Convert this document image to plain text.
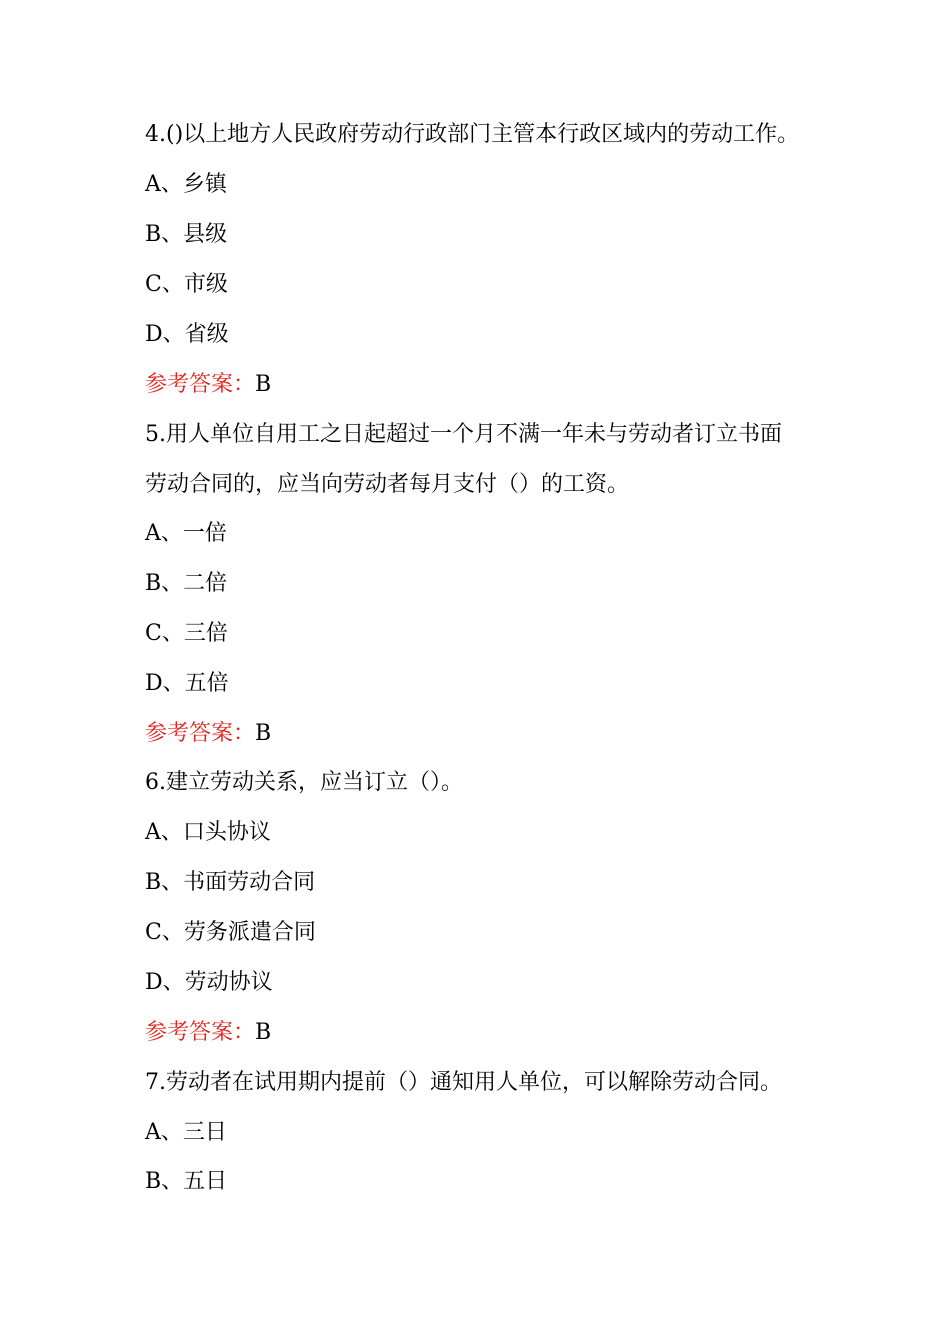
4.()以上地方人民政府劳动行政部门主管本行政区域内的劳动工作。
A、乡镇
B、县级
C、市级
D、省级
参考答案：B
5.用人单位自用工之日起超过一个月不满一年未与劳动者订立书面
劳动合同的，应当向劳动者每月支付（）的工资。
A、一倍
B、二倍
C、三倍
D、五倍
参考答案：B
6.建立劳动关系，应当订立（）。
A、口头协议
B、书面劳动合同
C、劳务派遣合同
D、劳动协议
参考答案：B
7.劳动者在试用期内提前（）通知用人单位，可以解除劳动合同。
A、三日
B、五日
